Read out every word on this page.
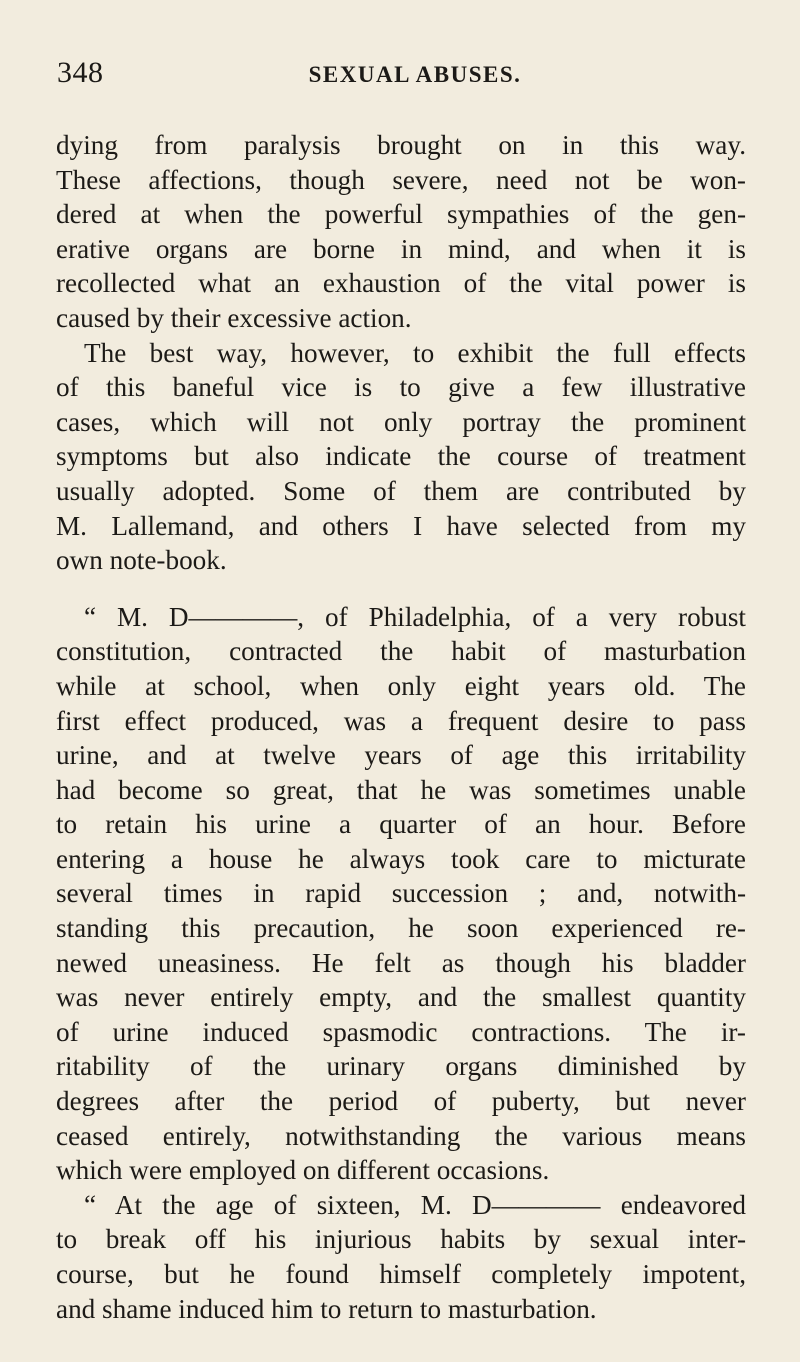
348	SEXUAL ABUSES.
dying from paralysis brought on in this way.
These affections, though severe, need not be won-
dered at when the powerful sympathies of the gen-
erative organs are borne in mind, and when it is
recollected what an exhaustion of the vital power is
caused by their excessive action.
The best way, however, to exhibit the full effects
of this baneful vice is to give a few illustrative
cases, which will not only portray the prominent
symptoms but also indicate the course of treatment
usually adopted. Some of them are contributed by
M. Lallemand, and others I have selected from my
own note-book.
“ M. D————, of Philadelphia, of a very robust
constitution, contracted the habit of masturbation
while at school, when only eight years old. The
first effect produced, was a frequent desire to pass
urine, and at twelve years of age this irritability
had become so great, that he was sometimes unable
to retain his urine a quarter of an hour. Before
entering a house he always took care to micturate
several times in rapid succession ; and, notwith-
standing this precaution, he soon experienced re-
newed uneasiness. He felt as though his bladder
was never entirely empty, and the smallest quantity
of urine induced spasmodic contractions. The ir-
ritability of the urinary organs diminished by
degrees after the period of puberty, but never
ceased entirely, notwithstanding the various means
which were employed on different occasions.
“ At the age of sixteen, M. D———— endeavored
to break off his injurious habits by sexual inter-
course, but he found himself completely impotent,
and shame induced him to return to masturbation.
